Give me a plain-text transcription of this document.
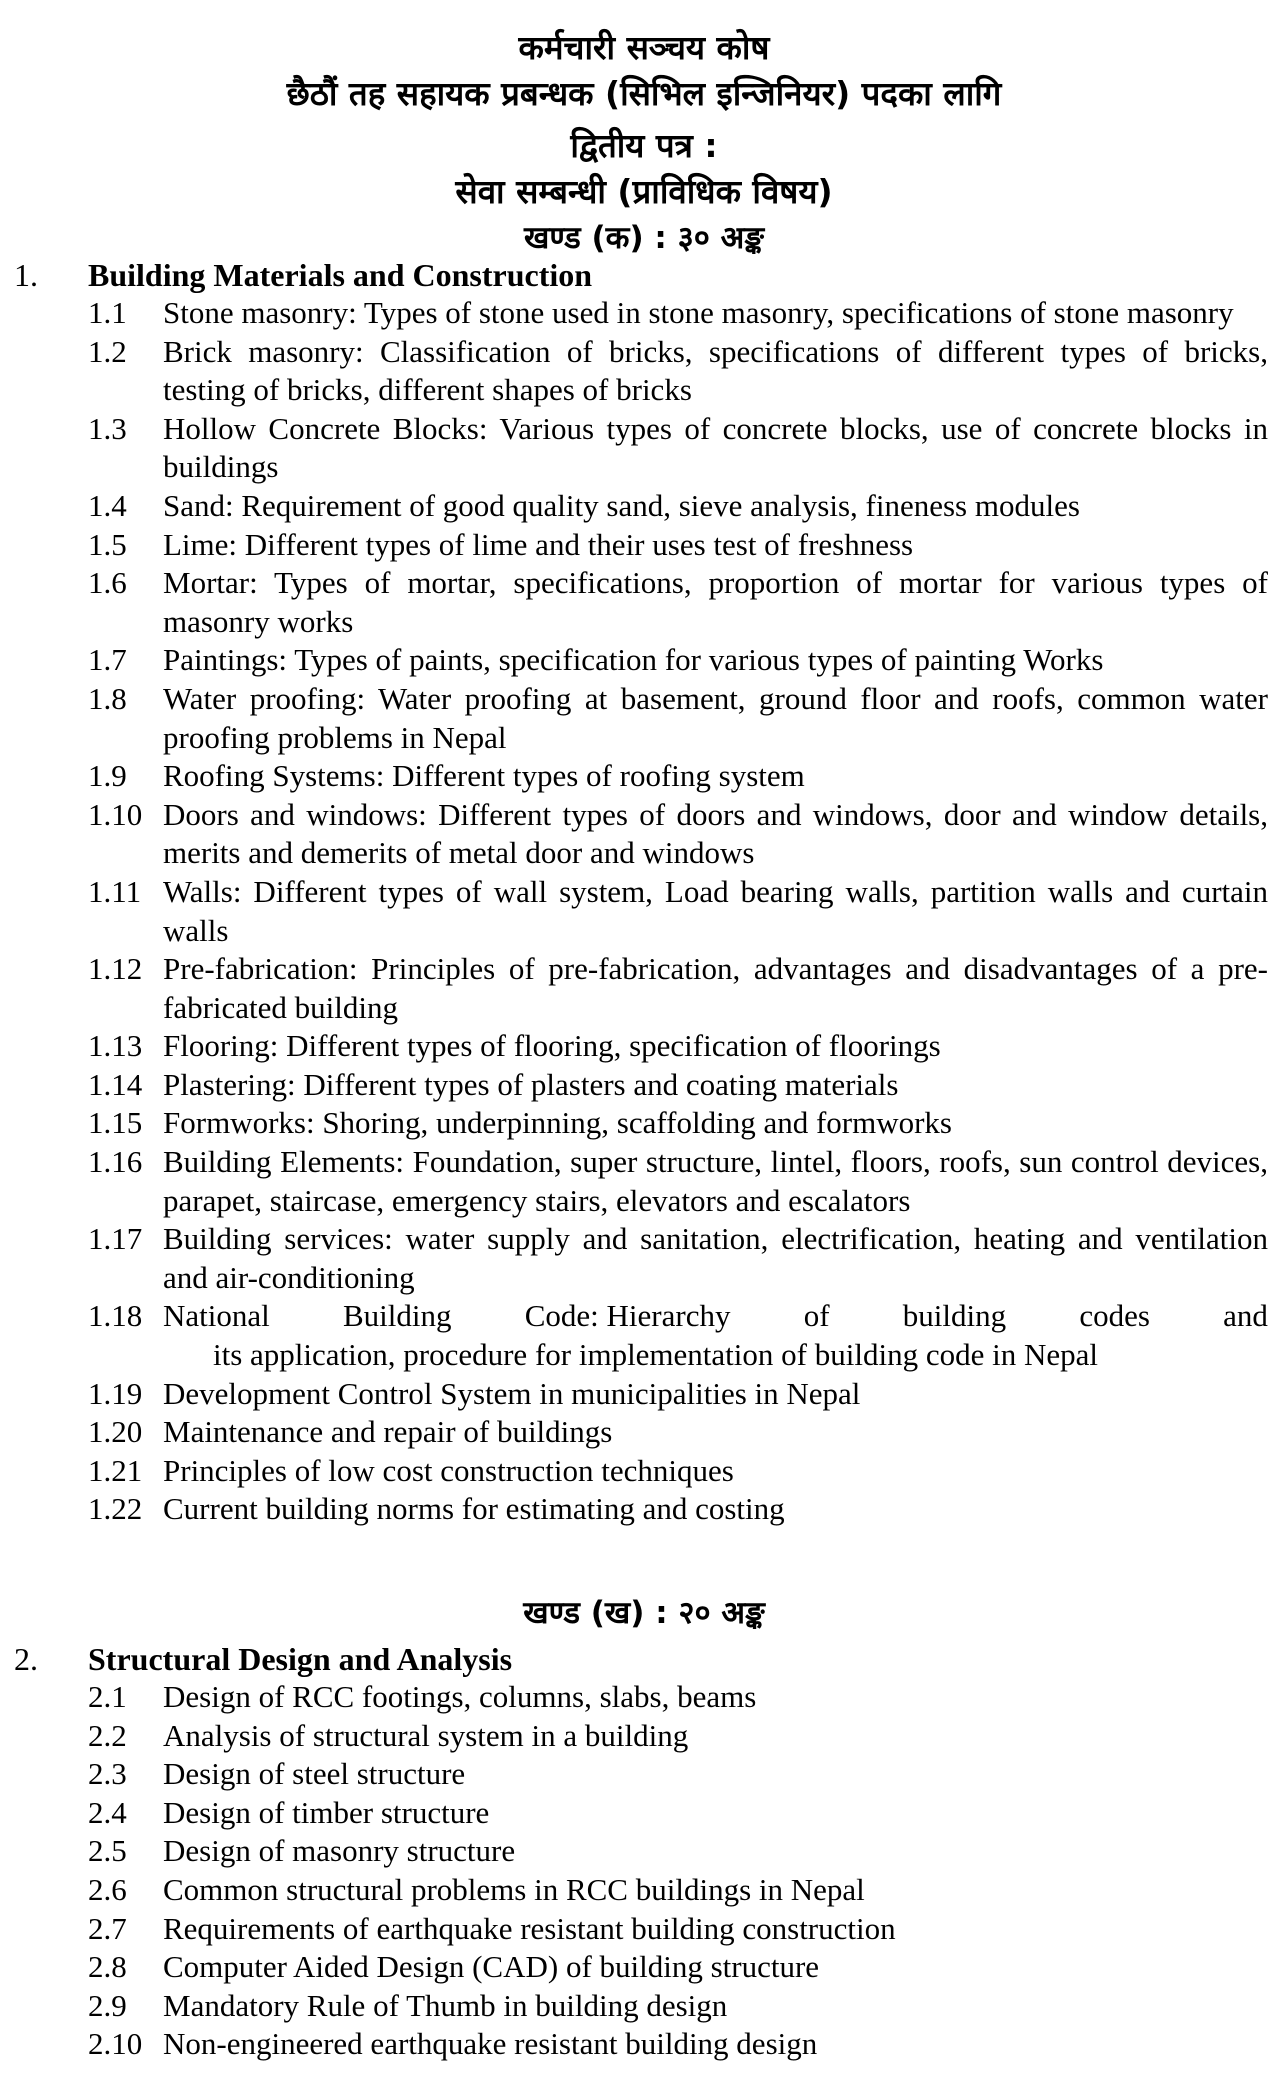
कर्मचारी सञ्चय कोष
छैठौं तह सहायक प्रबन्धक (सिभिल इन्जिनियर) पदका लागि
द्वितीय पत्र :
सेवा सम्बन्धी (प्राविधिक विषय)
खण्ड (क) : ३० अङ्क
1. Building Materials and Construction
1.1 Stone masonry: Types of stone used in stone masonry, specifications of stone masonry
1.2 Brick masonry: Classification of bricks, specifications of different types of bricks, testing of bricks, different shapes of bricks
1.3 Hollow Concrete Blocks: Various types of concrete blocks, use of concrete blocks in buildings
1.4 Sand: Requirement of good quality sand, sieve analysis, fineness modules
1.5 Lime: Different types of lime and their uses test of freshness
1.6 Mortar: Types of mortar, specifications, proportion of mortar for various types of masonry works
1.7 Paintings: Types of paints, specification for various types of painting Works
1.8 Water proofing: Water proofing at basement, ground floor and roofs, common water proofing problems in Nepal
1.9 Roofing Systems: Different types of roofing system
1.10 Doors and windows: Different types of doors and windows, door and window details, merits and demerits of metal door and windows
1.11 Walls: Different types of wall system, Load bearing walls, partition walls and curtain walls
1.12 Pre-fabrication: Principles of pre-fabrication, advantages and disadvantages of a pre-fabricated building
1.13 Flooring: Different types of flooring, specification of floorings
1.14 Plastering: Different types of plasters and coating materials
1.15 Formworks: Shoring, underpinning, scaffolding and formworks
1.16 Building Elements: Foundation, super structure, lintel, floors, roofs, sun control devices, parapet, staircase, emergency stairs, elevators and escalators
1.17 Building services: water supply and sanitation, electrification, heating and ventilation and air-conditioning
1.18 National Building Code: Hierarchy of building codes and
its application, procedure for implementation of building code in Nepal
1.19 Development Control System in municipalities in Nepal
1.20 Maintenance and repair of buildings
1.21 Principles of low cost construction techniques
1.22 Current building norms for estimating and costing
खण्ड (ख) : २० अङ्क
2. Structural Design and Analysis
2.1 Design of RCC footings, columns, slabs, beams
2.2 Analysis of structural system in a building
2.3 Design of steel structure
2.4 Design of timber structure
2.5 Design of masonry structure
2.6 Common structural problems in RCC buildings in Nepal
2.7 Requirements of earthquake resistant building construction
2.8 Computer Aided Design (CAD) of building structure
2.9 Mandatory Rule of Thumb in building design
2.10 Non-engineered earthquake resistant building design
